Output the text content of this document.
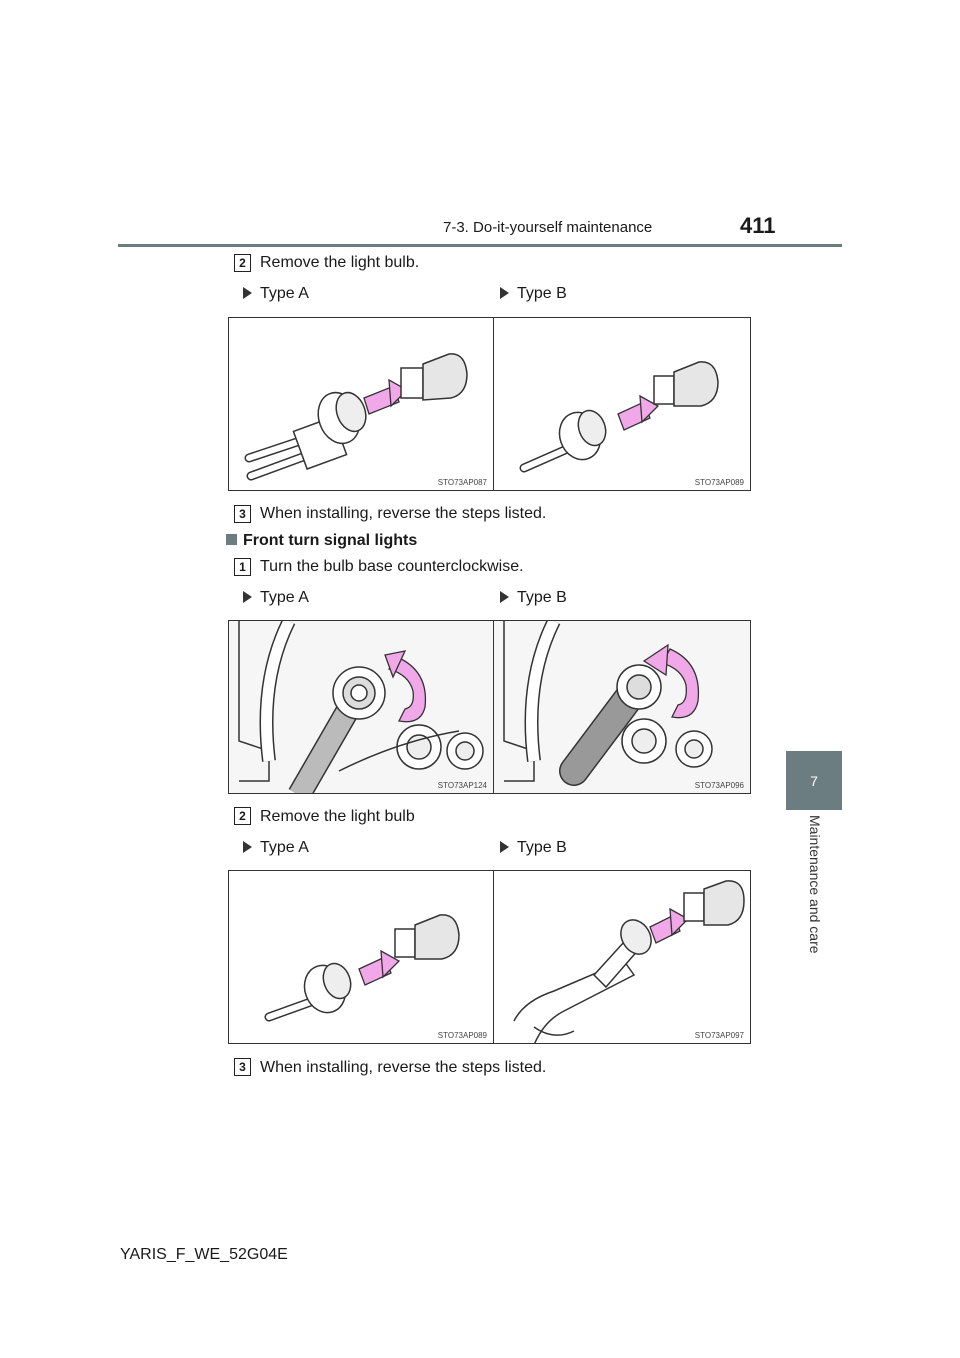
7-3. Do-it-yourself maintenance	411
7
Maintenance and care
2 Remove the light bulb.
Type A	Type B
STO73AP087	STO73AP089
3 When installing, reverse the steps listed.
Front turn signal lights
1 Turn the bulb base counterclockwise.
Type A	Type B
STO73AP124	STO73AP096
2 Remove the light bulb
Type A	Type B
STO73AP089	STO73AP097
3 When installing, reverse the steps listed.
YARIS_F_WE_52G04E
